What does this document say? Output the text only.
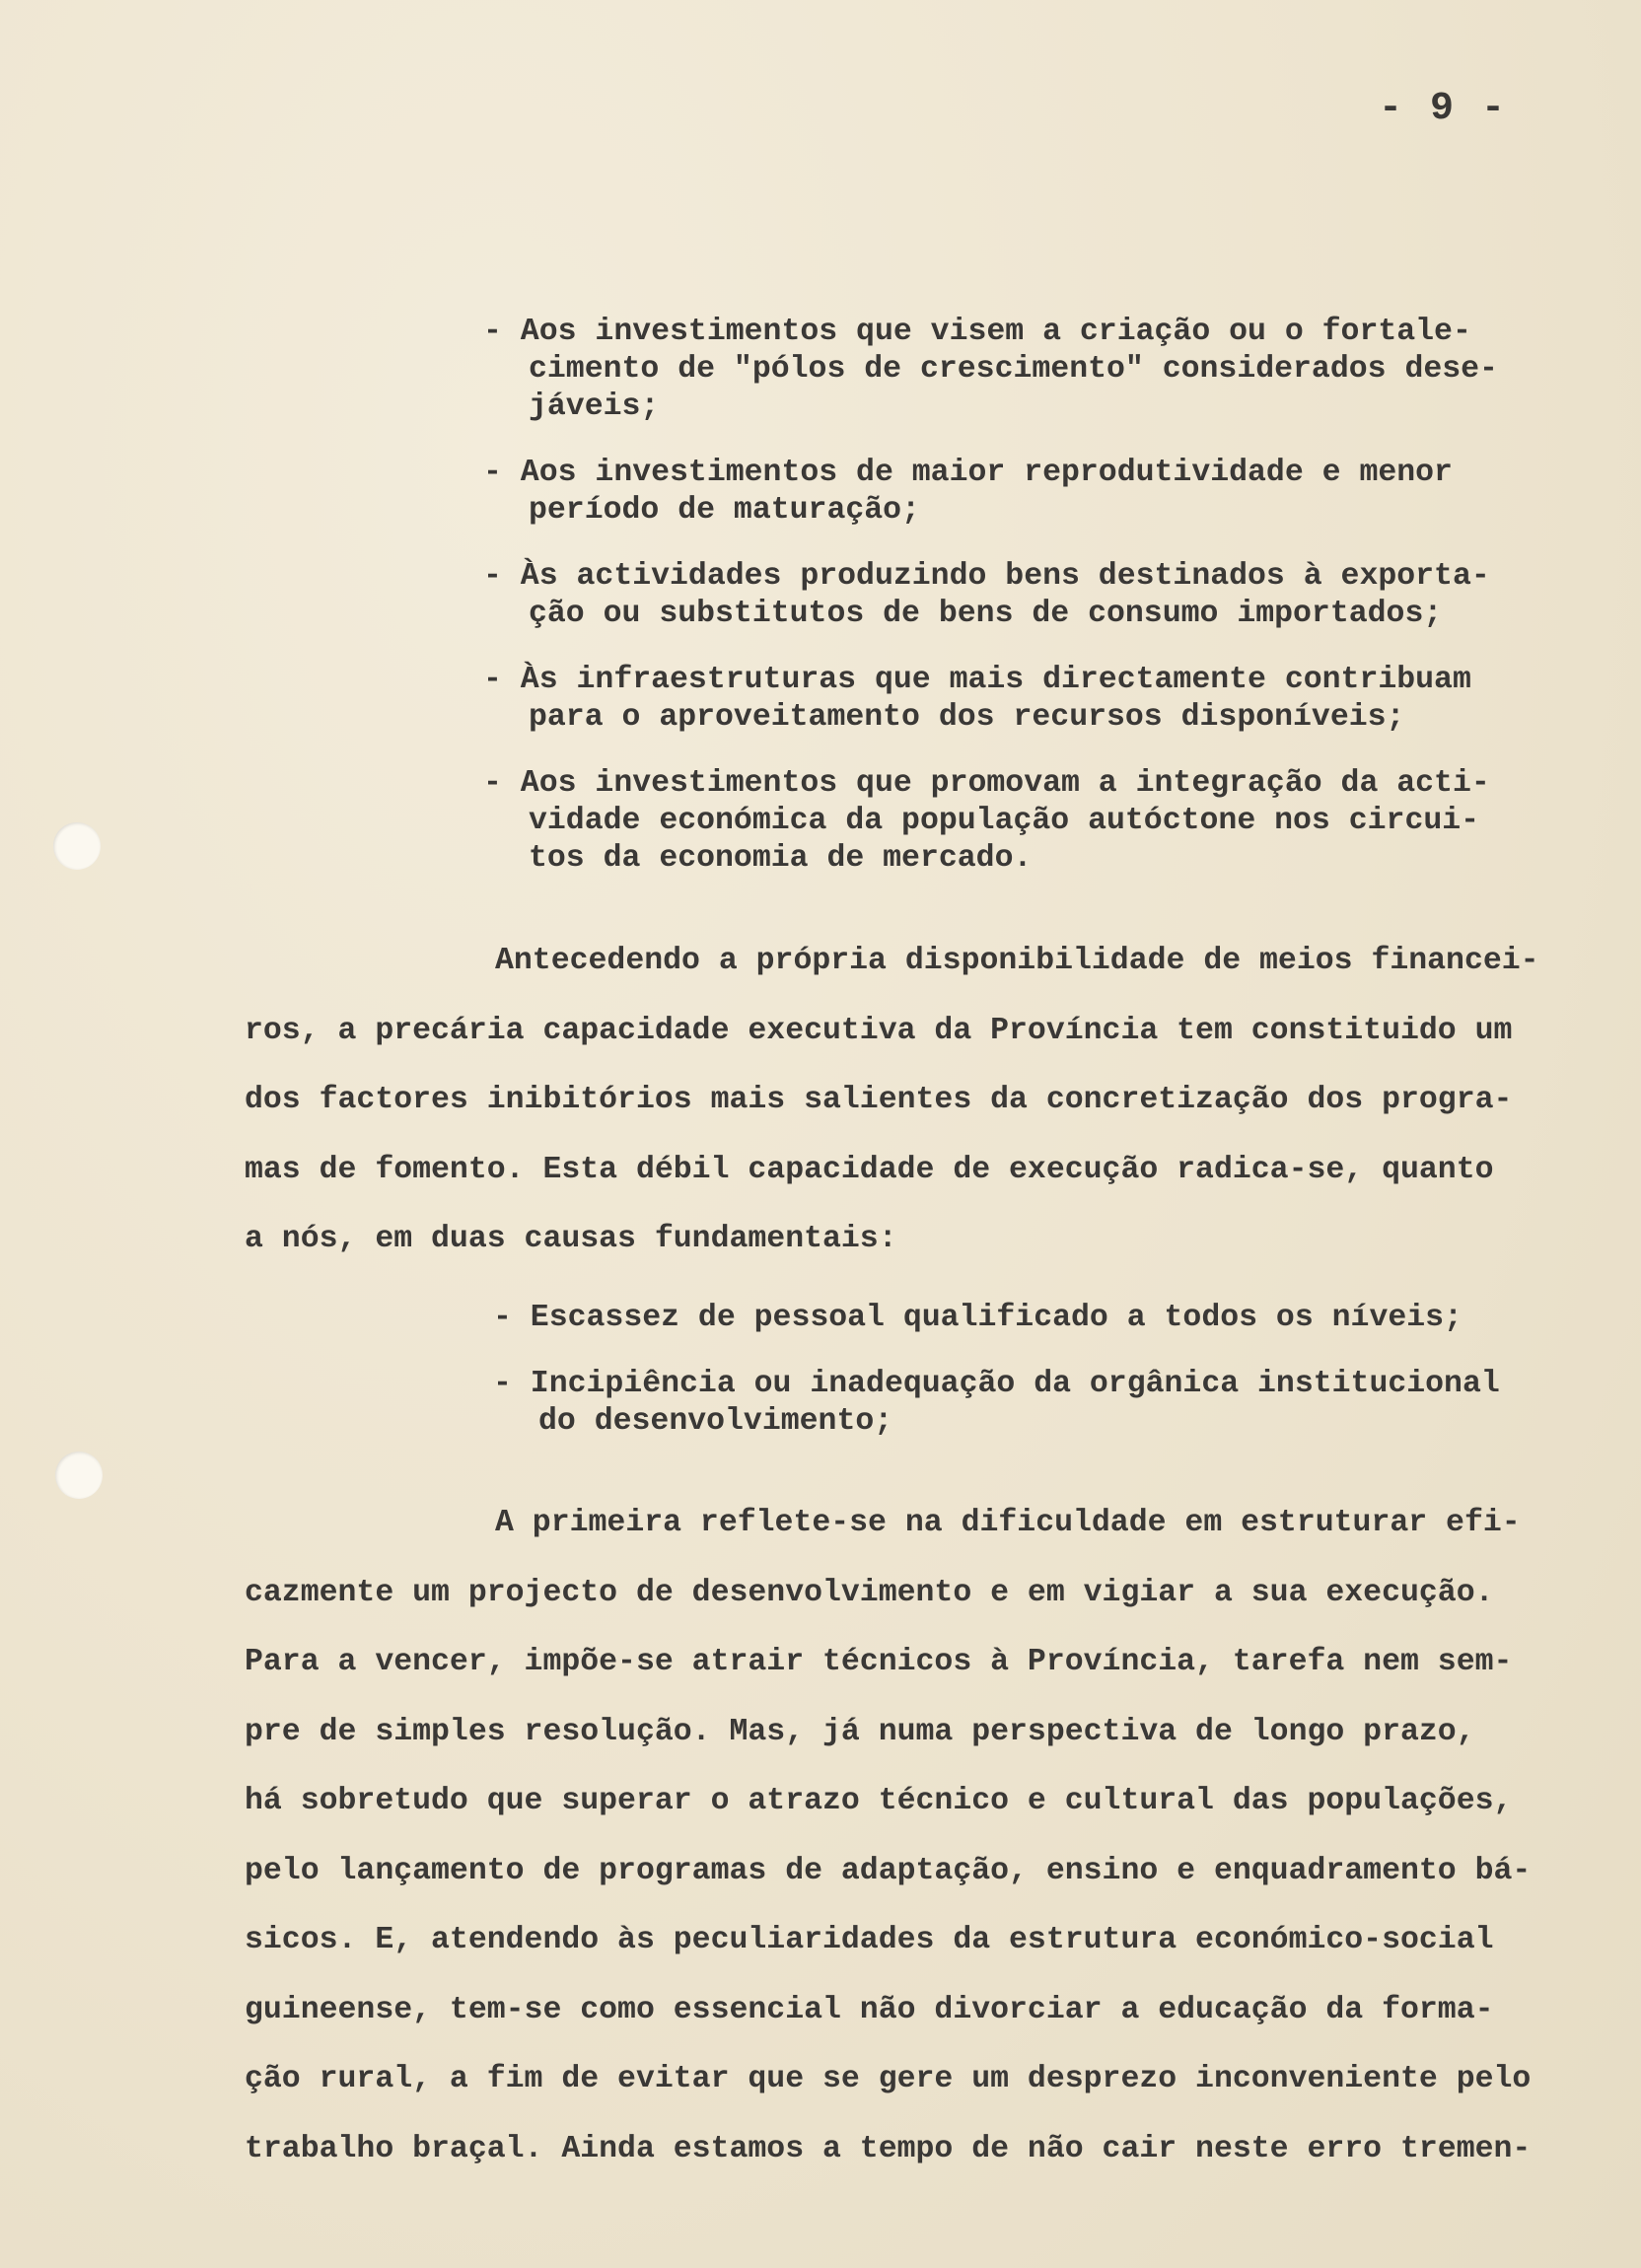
- 9 -

- Aos investimentos que visem a criação ou o fortale-
cimento de "pólos de crescimento" considerados dese-
jáveis;
- Aos investimentos de maior reprodutividade e menor
período de maturação;
- Às actividades produzindo bens destinados à exporta-
ção ou substitutos de bens de consumo importados;
- Às infraestruturas que mais directamente contribuam
para o aproveitamento dos recursos disponíveis;
- Aos investimentos que promovam a integração da acti-
vidade económica da população autóctone nos circui-
tos da economia de mercado.

Antecedendo a própria disponibilidade de meios financei-
ros, a precária capacidade executiva da Província tem constituido um
dos factores inibitórios mais salientes da concretização dos progra-
mas de fomento. Esta débil capacidade de execução radica-se, quanto
a nós, em duas causas fundamentais:

- Escassez de pessoal qualificado a todos os níveis;
- Incipiência ou inadequação da orgânica institucional
do desenvolvimento;

A primeira reflete-se na dificuldade em estruturar efi-
cazmente um projecto de desenvolvimento e em vigiar a sua execução.
Para a vencer, impõe-se atrair técnicos à Província, tarefa nem sem-
pre de simples resolução. Mas, já numa perspectiva de longo prazo,
há sobretudo que superar o atrazo técnico e cultural das populações,
pelo lançamento de programas de adaptação, ensino e enquadramento bá-
sicos. E, atendendo às peculiaridades da estrutura económico-social
guineense, tem-se como essencial não divorciar a educação da forma-
ção rural, a fim de evitar que se gere um desprezo inconveniente pelo
trabalho braçal. Ainda estamos a tempo de não cair neste erro tremen-
